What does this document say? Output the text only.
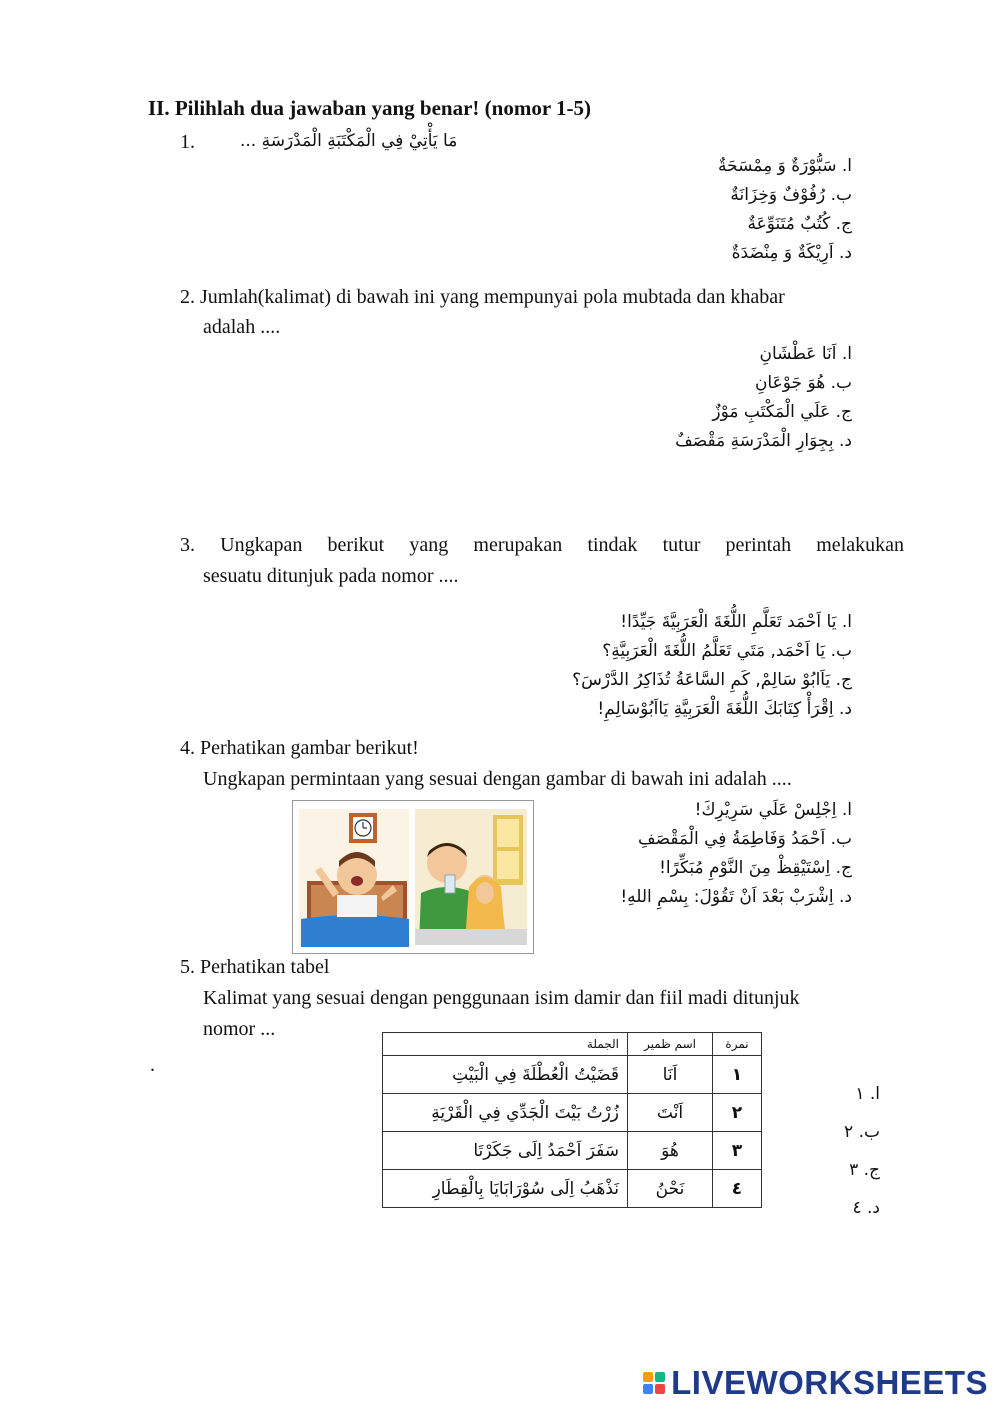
II. Pilihlah dua jawaban yang benar! (nomor 1-5)
1.	مَا يَأْتِيْ فِي الْمَكْتَبَةِ الْمَدْرَسَةِ ...
ا. سَبُّوْرَةٌ وَ مِمْسَحَةٌ
ب. رُفُوْفٌ وَخِزَانَةٌ
ج. كُتُبٌ مُتَنَوِّعَةٌ
د. اَرِيْكَةٌ وَ مِنْضَدَةٌ
2. Jumlah(kalimat) di bawah ini yang mempunyai pola mubtada dan khabar
adalah ....
ا. اَنَا عَطْشَانِ
ب. هُوَ جَوْعَانِ
ج. عَلَي الْمَكْتَبِ مَوْزٌ
د. بِجِوَارِ الْمَدْرَسَةِ مَقْصَفٌ
3. Ungkapan berikut yang merupakan tindak tutur perintah melakukan
sesuatu ditunjuk pada nomor ....
ا. يَا اَحْمَد تَعَلَّمِ اللُّغَةَ الْعَرَبِيَّةَ جَيِّدًا!
ب. يَا اَحْمَد, مَتَي تَعَلَّمُ اللُّغَةَ الْعَرَبِيَّةِ؟
ج. يَاَابُوْ سَالِمْ, كَمِ السَّاعَةُ تُذَاكِرُ الدَّرْسَ؟
د. اِقْرَأْ كِتَابَكَ اللُّغَةَ الْعَرَبِيَّةِ يَااَبُوْسَالِمِ!
4. Perhatikan gambar berikut!
Ungkapan permintaan yang sesuai dengan gambar di bawah ini adalah ....
ا. اِجْلِسْ عَلَي سَرِيْرِكَ!
ب. اَحْمَدُ وَفَاطِمَةُ فِي الْمَقْصَفِ
ج. اِسْتَيْقِظْ مِنَ النَّوْمِ مُبَكِّرًا!
د. اِشْرَبْ بَعْدَ اَنْ تَقُوْلَ: بِسْمِ اللهِ!
5. Perhatikan tabel
Kalimat yang sesuai dengan penggunaan isim damir dan fiil madi ditunjuk
nomor ...
.
نمرة	اسم ظمير	الجملة
١	اَنَا	قَضَيْتُ الْعُطْلَةَ فِي الْبَيْتِ
٢	اَنْتَ	زُرْتُ بَيْتَ الْجَدِّي فِي الْقَرْيَةِ
٣	هُوَ	سَفَرَ اَحْمَدُ اِلَى جَكَرْتَا
٤	نَحْنُ	نَذْهَبُ اِلَى سُوْرَابَايَا بِالْقِطَارِ
ا. ١
ب. ٢
ج. ٣
د. ٤
LIVEWORKSHEETS
